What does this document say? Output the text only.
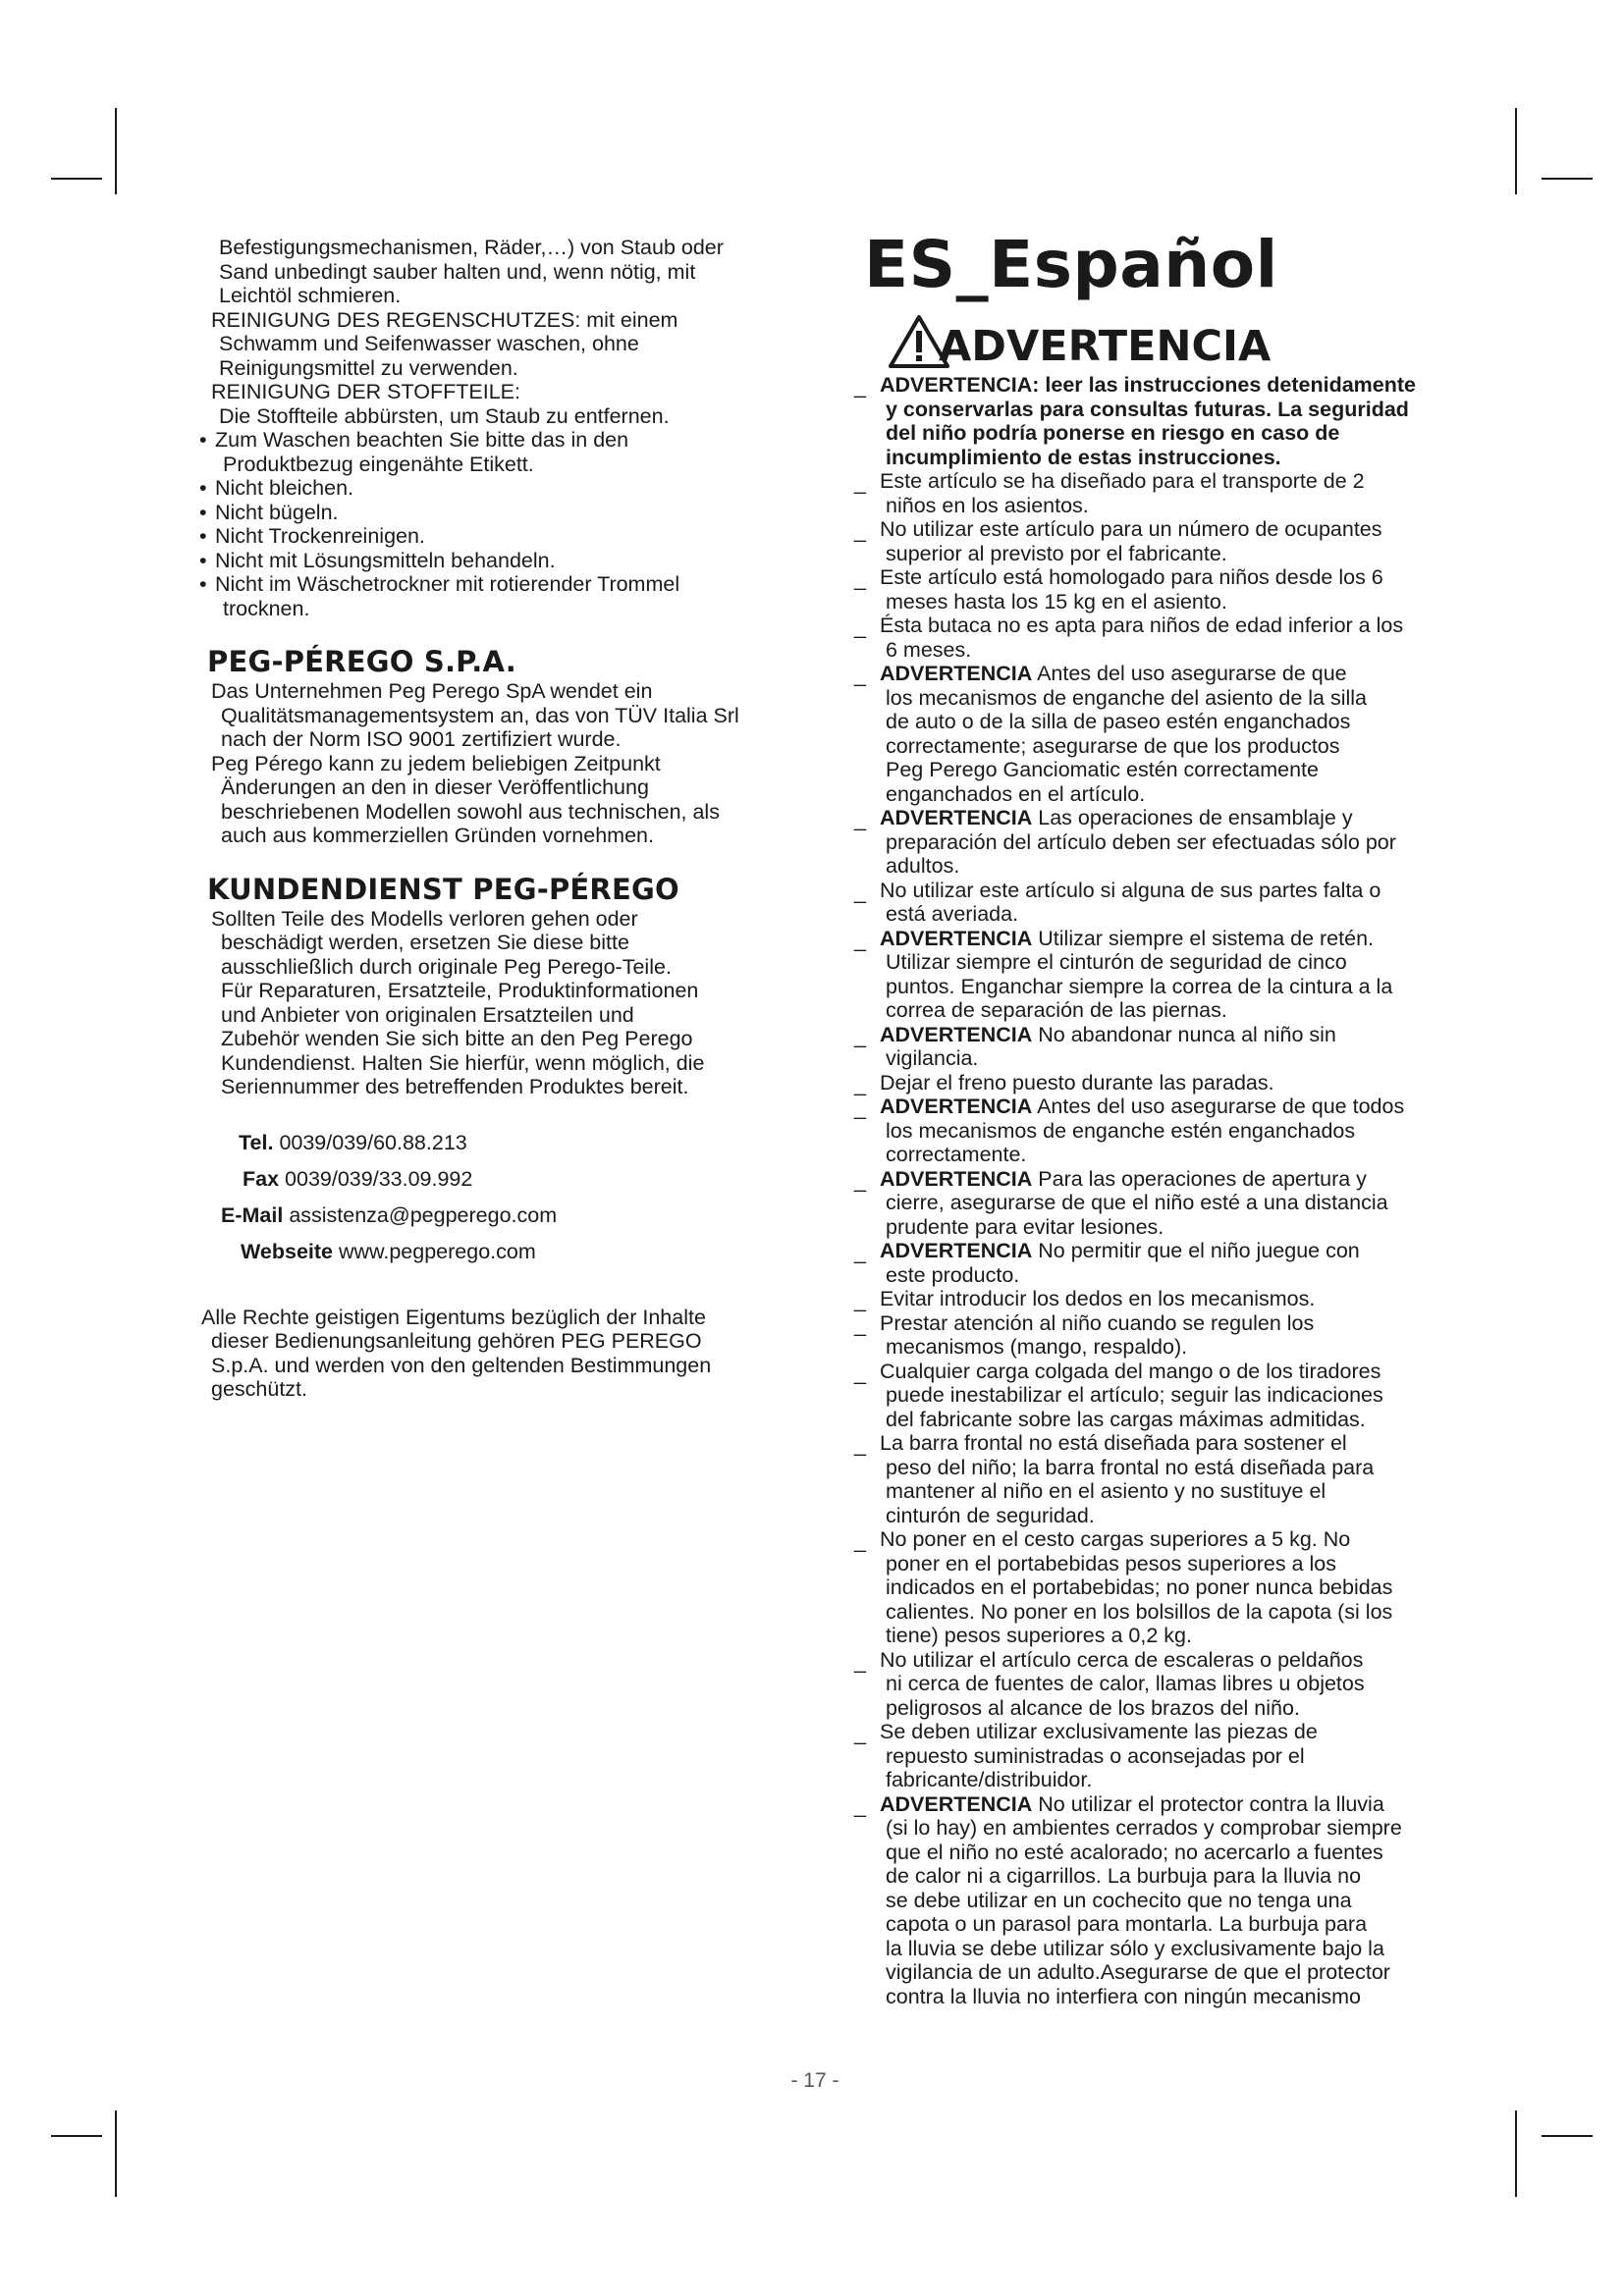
Befestigungsmechanismen, Räder,…) von Staub oder
Sand unbedingt sauber halten und, wenn nötig, mit
Leichtöl schmieren.
REINIGUNG DES REGENSCHUTZES: mit einem
Schwamm und Seifenwasser waschen, ohne
Reinigungsmittel zu verwenden.
REINIGUNG DER STOFFTEILE:
Die Stoffteile abbürsten, um Staub zu entfernen.
• Zum Waschen beachten Sie bitte das in den
Produktbezug eingenähte Etikett.
• Nicht bleichen.
• Nicht bügeln.
• Nicht Trockenreinigen.
• Nicht mit Lösungsmitteln behandeln.
• Nicht im Wäschetrockner mit rotierender Trommel
trocknen.
PEG-PÉREGO S.P.A.
Das Unternehmen Peg Perego SpA wendet ein
Qualitätsmanagementsystem an, das von TÜV Italia Srl
nach der Norm ISO 9001 zertifiziert wurde.
Peg Pérego kann zu jedem beliebigen Zeitpunkt
Änderungen an den in dieser Veröffentlichung
beschriebenen Modellen sowohl aus technischen, als
auch aus kommerziellen Gründen vornehmen.
KUNDENDIENST PEG-PÉREGO
Sollten Teile des Modells verloren gehen oder
beschädigt werden, ersetzen Sie diese bitte
ausschließlich durch originale Peg Perego-Teile.
Für Reparaturen, Ersatzteile, Produktinformationen
und Anbieter von originalen Ersatzteilen und
Zubehör wenden Sie sich bitte an den Peg Perego
Kundendienst. Halten Sie hierfür, wenn möglich, die
Seriennummer des betreffenden Produktes bereit.
Tel. 0039/039/60.88.213
Fax 0039/039/33.09.992
E-Mail assistenza@pegperego.com
Webseite www.pegperego.com
Alle Rechte geistigen Eigentums bezüglich der Inhalte
dieser Bedienungsanleitung gehören PEG PEREGO
S.p.A. und werden von den geltenden Bestimmungen
geschützt.
ES_Español
ADVERTENCIA
_ ADVERTENCIA: leer las instrucciones detenidamente
y conservarlas para consultas futuras. La seguridad
del niño podría ponerse en riesgo en caso de
incumplimiento de estas instrucciones.
_ Este artículo se ha diseñado para el transporte de 2
niños en los asientos.
_ No utilizar este artículo para un número de ocupantes
superior al previsto por el fabricante.
_ Este artículo está homologado para niños desde los 6
meses hasta los 15 kg en el asiento.
_ Ésta butaca no es apta para niños de edad inferior a los
6 meses.
_ ADVERTENCIA Antes del uso asegurarse de que
los mecanismos de enganche del asiento de la silla
de auto o de la silla de paseo estén enganchados
correctamente; asegurarse de que los productos
Peg Perego Ganciomatic estén correctamente
enganchados en el artículo.
_ ADVERTENCIA Las operaciones de ensamblaje y
preparación del artículo deben ser efectuadas sólo por
adultos.
_ No utilizar este artículo si alguna de sus partes falta o
está averiada.
_ ADVERTENCIA Utilizar siempre el sistema de retén.
Utilizar siempre el cinturón de seguridad de cinco
puntos. Enganchar siempre la correa de la cintura a la
correa de separación de las piernas.
_ ADVERTENCIA No abandonar nunca al niño sin
vigilancia.
_ Dejar el freno puesto durante las paradas.
_ ADVERTENCIA Antes del uso asegurarse de que todos
los mecanismos de enganche estén enganchados
correctamente.
_ ADVERTENCIA Para las operaciones de apertura y
cierre, asegurarse de que el niño esté a una distancia
prudente para evitar lesiones.
_ ADVERTENCIA No permitir que el niño juegue con
este producto.
_ Evitar introducir los dedos en los mecanismos.
_ Prestar atención al niño cuando se regulen los
mecanismos (mango, respaldo).
_ Cualquier carga colgada del mango o de los tiradores
puede inestabilizar el artículo; seguir las indicaciones
del fabricante sobre las cargas máximas admitidas.
_ La barra frontal no está diseñada para sostener el
peso del niño; la barra frontal no está diseñada para
mantener al niño en el asiento y no sustituye el
cinturón de seguridad.
_ No poner en el cesto cargas superiores a 5 kg. No
poner en el portabebidas pesos superiores a los
indicados en el portabebidas; no poner nunca bebidas
calientes. No poner en los bolsillos de la capota (si los
tiene) pesos superiores a 0,2 kg.
_ No utilizar el artículo cerca de escaleras o peldaños
ni cerca de fuentes de calor, llamas libres u objetos
peligrosos al alcance de los brazos del niño.
_ Se deben utilizar exclusivamente las piezas de
repuesto suministradas o aconsejadas por el
fabricante/distribuidor.
_ ADVERTENCIA No utilizar el protector contra la lluvia
(si lo hay) en ambientes cerrados y comprobar siempre
que el niño no esté acalorado; no acercarlo a fuentes
de calor ni a cigarrillos. La burbuja para la lluvia no
se debe utilizar en un cochecito que no tenga una
capota o un parasol para montarla. La burbuja para
la lluvia se debe utilizar sólo y exclusivamente bajo la
vigilancia de un adulto.Asegurarse de que el protector
contra la lluvia no interfiera con ningún mecanismo
- 17 -
